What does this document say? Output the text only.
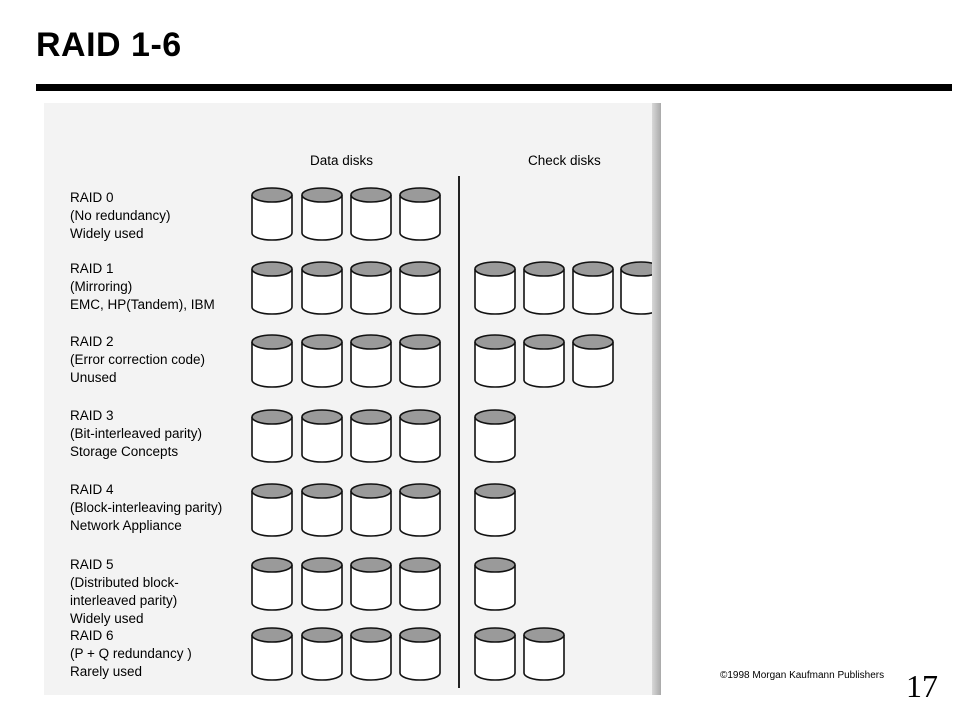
RAID 1-6
Data disks	Check disks
RAID 0
(No redundancy)
Widely used
RAID 1
(Mirroring)
EMC, HP(Tandem), IBM
RAID 2
(Error correction code)
Unused
RAID 3
(Bit-interleaved parity)
Storage Concepts
RAID 4
(Block-interleaving parity)
Network Appliance
RAID 5
(Distributed block-
interleaved parity)
Widely used
RAID 6
(P + Q redundancy )
Rarely used	©1998 Morgan Kaufmann Publishers 17
